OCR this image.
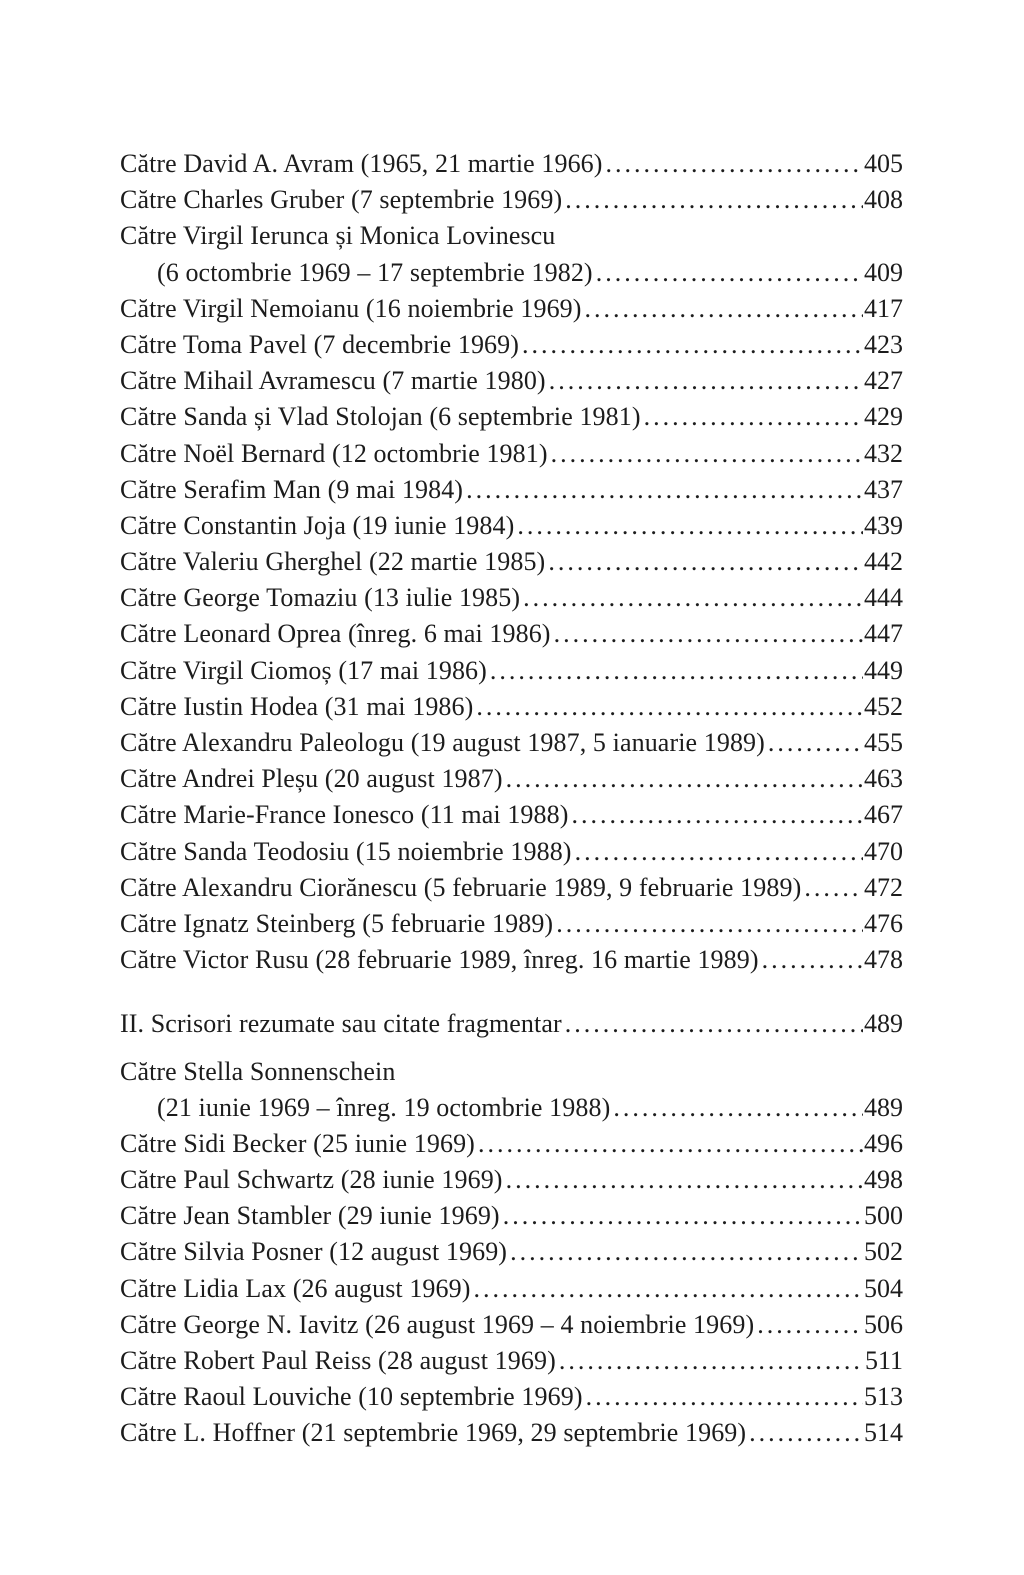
Către David A. Avram (1965, 21 martie 1966) .....	405
Către Charles Gruber (7 septembrie 1969) .....	408
Către Virgil Ierunca și Monica Lovinescu
(6 octombrie 1969 – 17 septembrie 1982) .....	409
Către Virgil Nemoianu (16 noiembrie 1969) .....	417
Către Toma Pavel (7 decembrie 1969) .....	423
Către Mihail Avramescu (7 martie 1980) .....	427
Către Sanda și Vlad Stolojan (6 septembrie 1981) .....	429
Către Noël Bernard (12 octombrie 1981) .....	432
Către Serafim Man (9 mai 1984) .....	437
Către Constantin Joja (19 iunie 1984) .....	439
Către Valeriu Gherghel (22 martie 1985) .....	442
Către George Tomaziu (13 iulie 1985) .....	444
Către Leonard Oprea (înreg. 6 mai 1986) .....	447
Către Virgil Ciomoș (17 mai 1986) .....	449
Către Iustin Hodea (31 mai 1986) .....	452
Către Alexandru Paleologu (19 august 1987, 5 ianuarie 1989) .....	455
Către Andrei Pleșu (20 august 1987) .....	463
Către Marie-France Ionesco (11 mai 1988) .....	467
Către Sanda Teodosiu (15 noiembrie 1988) .....	470
Către Alexandru Ciorănescu (5 februarie 1989, 9 februarie 1989) ..... 472
Către Ignatz Steinberg (5 februarie 1989) .....	476
Către Victor Rusu (28 februarie 1989, înreg. 16 martie 1989) .....	478
II. Scrisori rezumate sau citate fragmentar .....	489
Către Stella Sonnenschein
(21 iunie 1969 – înreg. 19 octombrie 1988) .....	489
Către Sidi Becker (25 iunie 1969) .....	496
Către Paul Schwartz (28 iunie 1969) .....	498
Către Jean Stambler (29 iunie 1969) .....	500
Către Silvia Posner (12 august 1969) .....	502
Către Lidia Lax (26 august 1969) .....	504
Către George N. Iavitz (26 august 1969 – 4 noiembrie 1969) .....	506
Către Robert Paul Reiss (28 august 1969) .....	511
Către Raoul Louviche (10 septembrie 1969) .....	513
Către L. Hoffner (21 septembrie 1969, 29 septembrie 1969) .....	514
